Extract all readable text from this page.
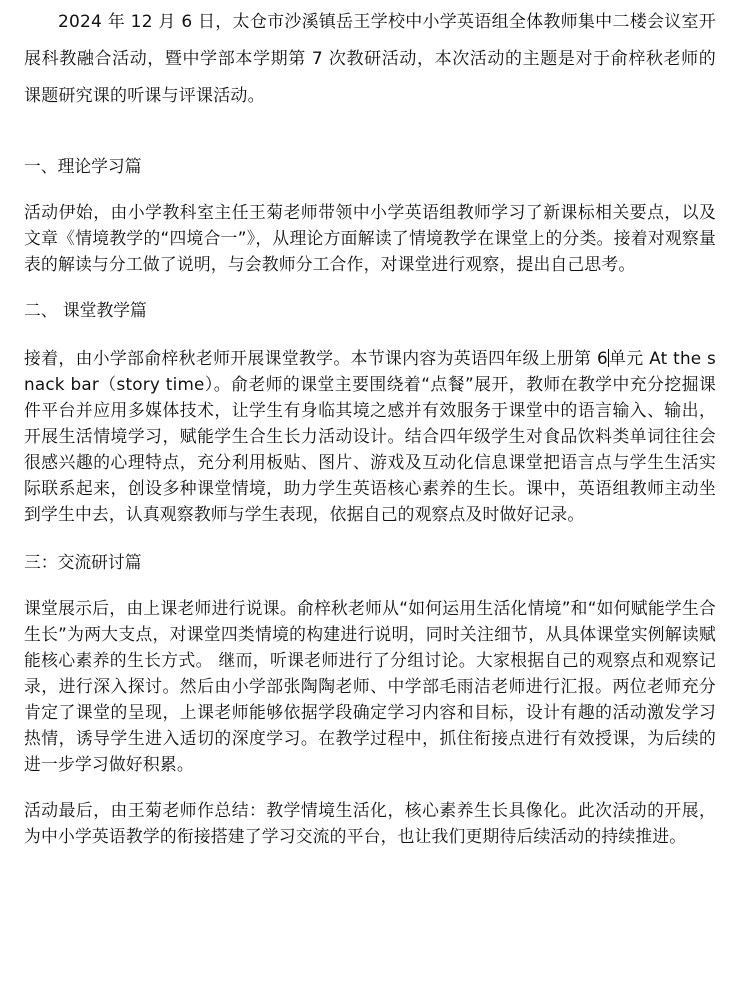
2024 年 12 月 6 日，太仓市沙溪镇岳王学校中小学英语组全体教师集中二楼会议室开展科教融合活动，暨中学部本学期第 7 次教研活动，本次活动的主题是对于俞梓秋老师的课题研究课的听课与评课活动。

一、理论学习篇

活动伊始，由小学教科室主任王菊老师带领中小学英语组教师学习了新课标相关要点，以及文章《情境教学的“四境合一”》，从理论方面解读了情境教学在课堂上的分类。接着对观察量表的解读与分工做了说明，与会教师分工合作，对课堂进行观察，提出自己思考。

二、 课堂教学篇

接着，由小学部俞梓秋老师开展课堂教学。本节课内容为英语四年级上册第 6单元 At the snack bar（story time）。俞老师的课堂主要围绕着“点餐”展开，教师在教学中充分挖掘课件平台并应用多媒体技术，让学生有身临其境之感并有效服务于课堂中的语言输入、输出，开展生活情境学习，赋能学生合生长力活动设计。结合四年级学生对食品饮料类单词往往会很感兴趣的心理特点，充分利用板贴、图片、游戏及互动化信息课堂把语言点与学生生活实际联系起来，创设多种课堂情境，助力学生英语核心素养的生长。课中，英语组教师主动坐到学生中去，认真观察教师与学生表现，依据自己的观察点及时做好记录。

三：交流研讨篇

课堂展示后，由上课老师进行说课。俞梓秋老师从“如何运用生活化情境”和“如何赋能学生合生长”为两大支点，对课堂四类情境的构建进行说明，同时关注细节，从具体课堂实例解读赋能核心素养的生长方式。 继而，听课老师进行了分组讨论。大家根据自己的观察点和观察记录，进行深入探讨。然后由小学部张陶陶老师、中学部毛雨洁老师进行汇报。两位老师充分肯定了课堂的呈现，上课老师能够依据学段确定学习内容和目标，设计有趣的活动激发学习热情，诱导学生进入适切的深度学习。在教学过程中，抓住衔接点进行有效授课，为后续的进一步学习做好积累。

活动最后，由王菊老师作总结：教学情境生活化，核心素养生长具像化。此次活动的开展，为中小学英语教学的衔接搭建了学习交流的平台，也让我们更期待后续活动的持续推进。
